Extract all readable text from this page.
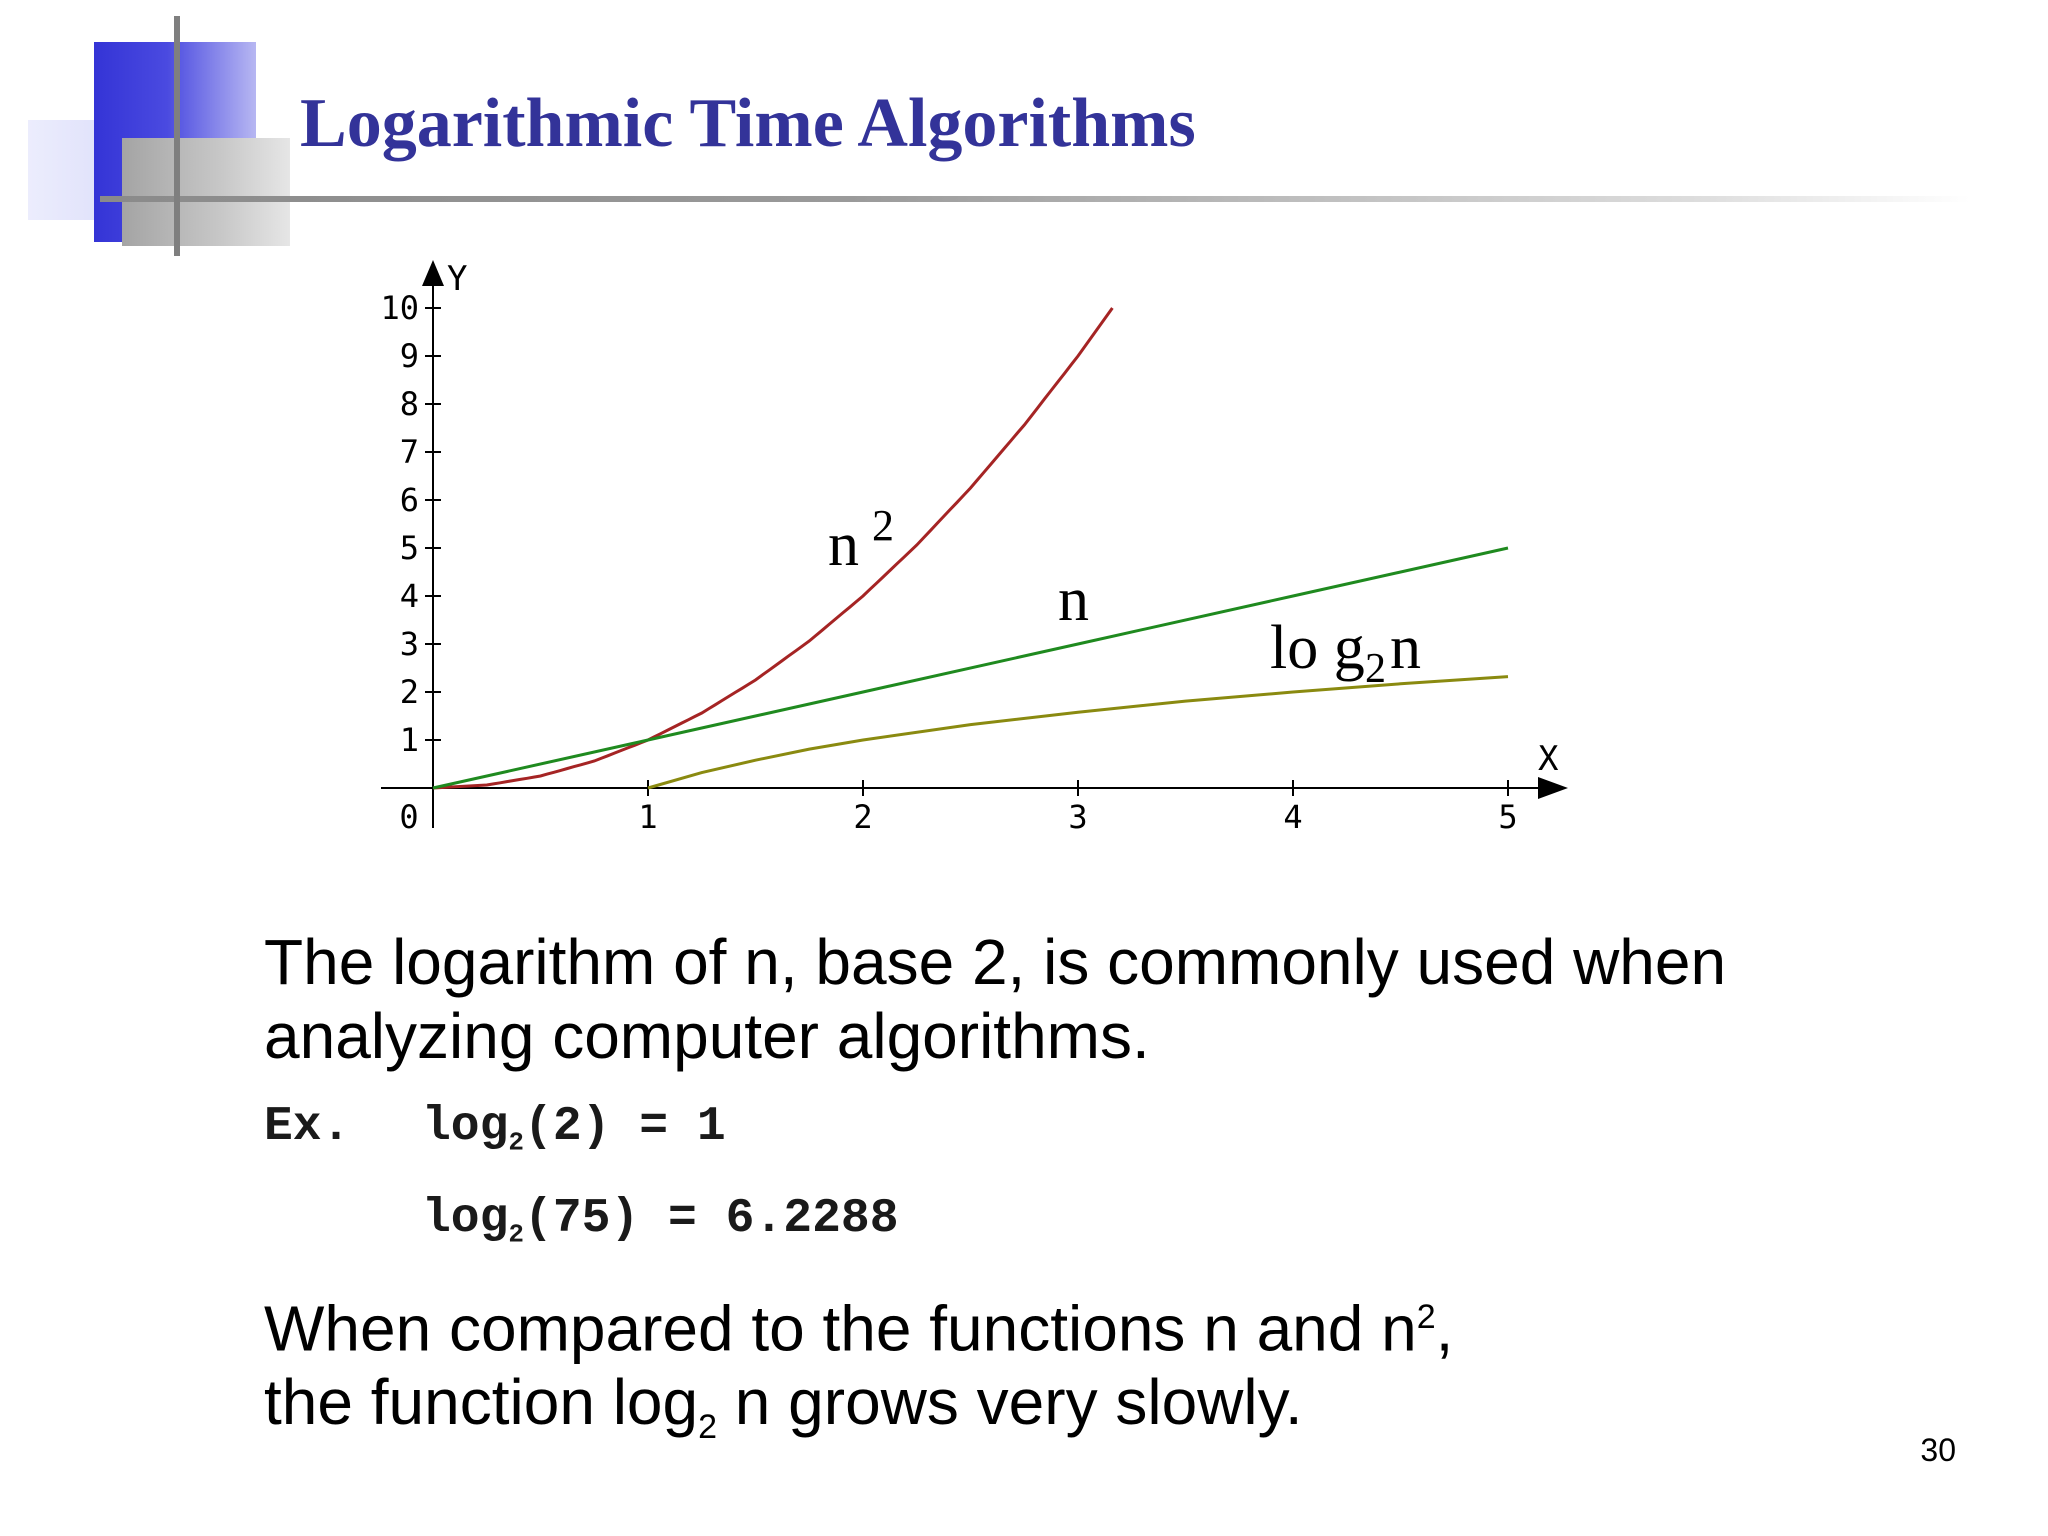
Logarithmic Time Algorithms
X
Y
0	1	2	3	4	5
1
2
3
4
5
6
7
8
9
10
n 2
n
lo g 2 n
The logarithm of n, base 2, is commonly used when
analyzing computer algorithms.
Ex. $\log_2(2) = 1$
$\log_2(75) = 6.2288$
When compared to the functions n and $n^2$,
the function $\log_2 n$ grows very slowly.
30
